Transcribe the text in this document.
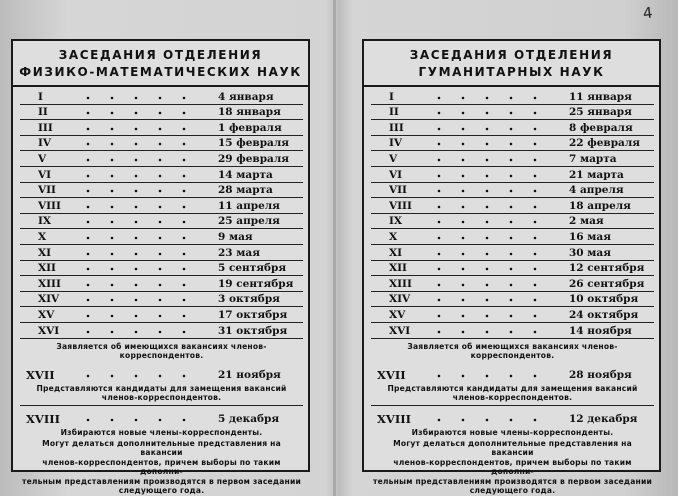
4
ЗАСЕДАНИЯ ОТДЕЛЕНИЯ
ФИЗИКО-МАТЕМАТИЧЕСКИХ НАУК
I	4 января
II	18 января
III	1 февраля
IV	15 февраля
V	29 февраля
VI	14 марта
VII	28 марта
VIII	11 апреля
IX	25 апреля
X	9 мая
XI	23 мая
XII	5 сентября
XIII	19 сентября
XIV	3 октября
XV	17 октября
XVI	31 октября
Заявляется об имеющихся вакансиях членов-
корреспондентов.
XVII	21 ноября
Представляются кандидаты для замещения вакансий
членов-корреспондентов.
XVIII	5 декабря
Избираются новые члены-корреспонденты.
Могут делаться дополнительные представления на вакансии
членов-корреспондентов, причем выборы по таким дополни-
тельным представлениям производятся в первом заседании
следующего года.
ЗАСЕДАНИЯ ОТДЕЛЕНИЯ
ГУМАНИТАРНЫХ НАУК
I	11 января
II	25 января
III	8 февраля
IV	22 февраля
V	7 марта
VI	21 марта
VII	4 апреля
VIII	18 апреля
IX	2 мая
X	16 мая
XI	30 мая
XII	12 сентября
XIII	26 сентября
XIV	10 октября
XV	24 октября
XVI	14 ноября
Заявляется об имеющихся вакансиях членов-
корреспондентов.
XVII	28 ноября
Представляются кандидаты для замещения вакансий
членов-корреспондентов.
XVIII	12 декабря
Избираются новые члены-корреспонденты.
Могут делаться дополнительные представления на вакансии
членов-корреспондентов, причем выборы по таким дополни-
тельным представлениям производятся в первом заседании
следующего года.
